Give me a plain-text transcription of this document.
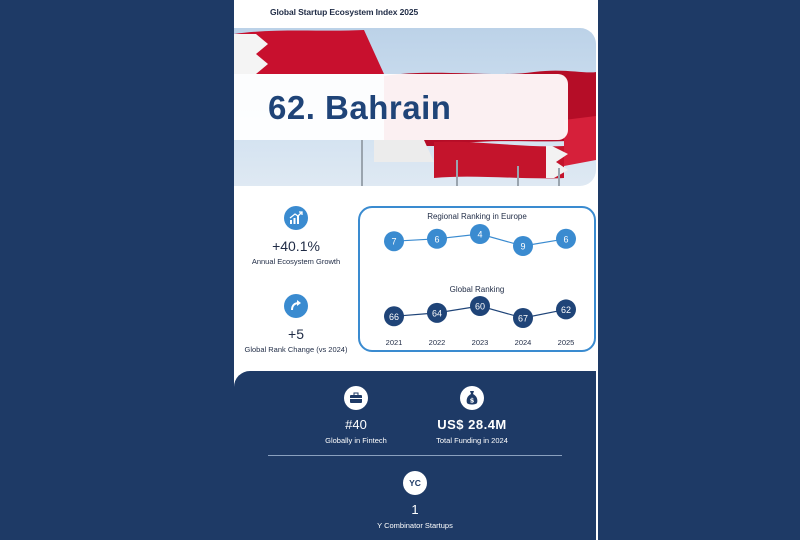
Global Startup Ecosystem Index 2025
62. Bahrain
+40.1%
Annual Ecosystem Growth
+5
Global Rank Change (vs 2024)
Regional Ranking in Europe
7	6	4
9
6
Global Ranking
66	64
60
67
62
2021	2022	2023	2024	2025
#40
Globally in Fintech
$
US$ 28.4M
Total Funding in 2024
YC
1
Y Combinator Startups
